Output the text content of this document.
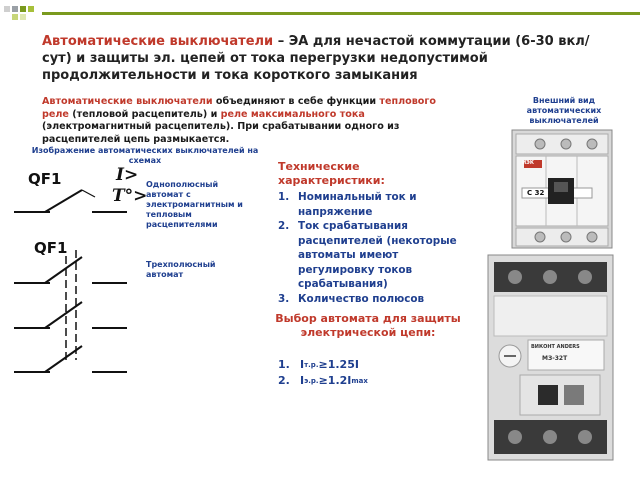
Автоматические выключатели – ЭА для нечастой коммутации (6-30 вкл/сут) и защиты эл. цепей от тока перегрузки недопустимой продолжительности и тока короткого замыкания
Автоматические выключатели объединяют в себе функции теплового реле (тепловой расцепитель) и реле максимального тока (электромагнитный расцепитель). При срабатывании одного из расцепителей цепь размыкается.
Изображение автоматических выключателей на схемах
QF1	I>
T°>
Однополюсный автомат с электромагнитным и тепловым расцепителями
QF1
Трехполюсный автомат
Технические характеристики:
1. Номинальный ток и напряжение
2. Ток срабатывания расцепителей (некоторые автоматы имеют регулировку токов срабатывания)
3. Количество полюсов
Выбор автомата для защиты электрической цепи:
1. I т.р. ≥1.25I
2. I э.р. ≥1.2I max
Внешний вид автоматических выключателей
ИЭК
С 32
ВИКОНТ ANDERS
МЗ-32Т
